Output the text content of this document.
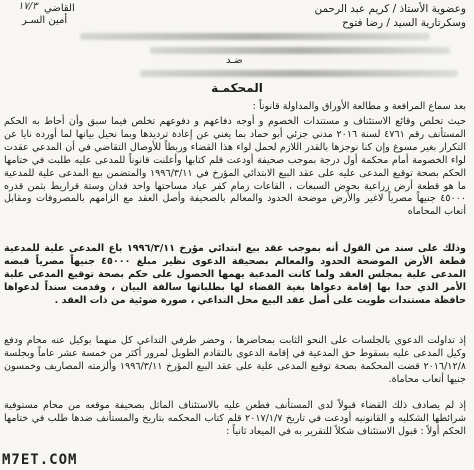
وعضوية الأستاذ / كريم عبد الرحمن
وسكرتارية السيد / رضا فتوح
القاضي
أمين السـر
١٧/٣
ضـد
المحكمـة
بعد سماع المرافعة و مطالعة الأوراق والمداولة قانوناً :
حيث تخلص وقائع الاستئناف و مستندات الخصوم و أوجه دفاعهم و دفوعهم تخلص فيما سبق وأن أحاط به الحكم المستأنف رقم ٤٧٦١ لسنة ٢٠١٦ مدني جزئي أبو حماد بما يغني عن إعادة ترديدها وبما نحيل بيانها لما أورده نايا عن التكرار بغير مسوغ وإن كنا نوجزها بالقدر اللازم لحمل لواء هذا القضاء وربطاً للأوصال التقاضي في أن المدعي عقدت لواء الخصومة أمام محكمة أول درجة بموجب صحيفة أودعت قلم كتابها وأعلنت قانوناً للمدعى عليه طلبت في ختامها الحكم بصحة توقيع المدعى عليه على عقد البيع الابتدائي المؤرخ في ١٩٩٦/٣/١١ والمتضمن بيع المدعى علية للمدعية ما هو قطعة أرض زراعية بحوض السبعات ، القاعات زمام كفر عياد مساحتها واحد فدان وستة قراريط بثمن قدره ٤٥٠٠٠ جنيهاً مصرياً لاغير والأرض موضحة الحدود والمعالم بالصحيفة وأصل العقد مع الزامهم بالمصروفات ومقابل أتعاب المحاماه
وذلك على سند من القول أنه بموجب عقد بيع ابتدائي مؤرخ ١٩٩٦/٣/١١ باع المدعى علية للمدعية قطعة الأرض الموضحة الحدود والمعالم بصحيفة الدعوى نظير مبلغ ٤٥٠٠٠ جنيهاً مصرياً قبضه المدعى علية بمجلس العقد ولما كانت المدعية يهمها الحصول على حكم بصحة توقيع المدعى علية الأمر الذي حدا بها إقامة دعواها بغية القضاء لها بطلباتها سالفة البيان ، وقدمت سنداً لدعواها حافظة مستندات طويت على أصل عقد البيع محل التداعي ، صورة ضوئية من ذات العقد .
إذ تداولت الدعوى بالجلسات على النحو الثابت بمحاضرها ، وحضر طرفي التداعي كل منهما بوكيل عنه محام ودفع وكيل المدعى عليه بسقوط حق المدعية في إقامة الدعوى بالتقادم الطويل لمرور أكثر من خمسة عشر عاماً وبجلسة ٢٠١٦/١٢/٨ قضت المحكمة بصحة توقيع المدعى علية على عقد البيع المؤرخ ١٩٩٦/٣/١١ وألزمته المصاريف وخمسون جنيها أتعاب محاماة.
إذ لم يصادف ذلك القضاء قبولاً لدى المستأنف فطعن عليه بالاستئناف الماثل بصحيفة موقعه من محام مستوفية شرائطها الشكليه و القانونيه أودعت في تاريخ ٢٠١٧/١/٧ قلم كتاب المحكمه بتاريخ والمستأنف ضدها طلب في ختامها الحكم أولاً : قبول الاستئناف شكلاً للتقرير به في الميعاد ثانياً :
M7ET.COM
